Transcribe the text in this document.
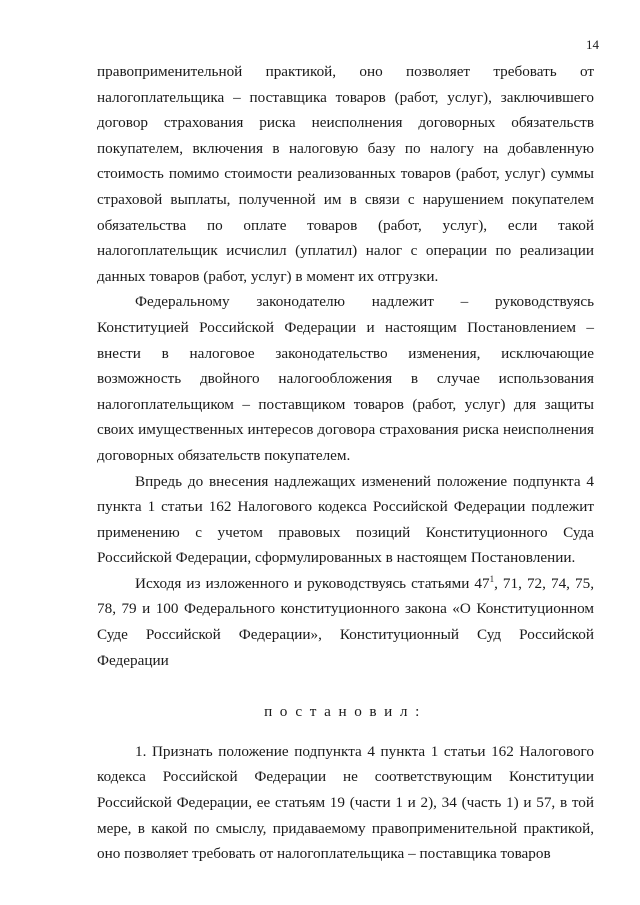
14

правоприменительной практикой, оно позволяет требовать от налогоплательщика – поставщика товаров (работ, услуг), заключившего договор страхования риска неисполнения договорных обязательств покупателем, включения в налоговую базу по налогу на добавленную стоимость помимо стоимости реализованных товаров (работ, услуг) суммы страховой выплаты, полученной им в связи с нарушением покупателем обязательства по оплате товаров (работ, услуг), если такой налогоплательщик исчислил (уплатил) налог с операции по реализации данных товаров (работ, услуг) в момент их отгрузки.

Федеральному законодателю надлежит – руководствуясь Конституцией Российской Федерации и настоящим Постановлением – внести в налоговое законодательство изменения, исключающие возможность двойного налогообложения в случае использования налогоплательщиком – поставщиком товаров (работ, услуг) для защиты своих имущественных интересов договора страхования риска неисполнения договорных обязательств покупателем.

Впредь до внесения надлежащих изменений положение подпункта 4 пункта 1 статьи 162 Налогового кодекса Российской Федерации подлежит применению с учетом правовых позиций Конституционного Суда Российской Федерации, сформулированных в настоящем Постановлении.

Исходя из изложенного и руководствуясь статьями $47^1$, 71, 72, 74, 75, 78, 79 и 100 Федерального конституционного закона «О Конституционном Суде Российской Федерации», Конституционный Суд Российской Федерации

постановил:

1. Признать положение подпункта 4 пункта 1 статьи 162 Налогового кодекса Российской Федерации не соответствующим Конституции Российской Федерации, ее статьям 19 (части 1 и 2), 34 (часть 1) и 57, в той мере, в какой по смыслу, придаваемому правоприменительной практикой, оно позволяет требовать от налогоплательщика – поставщика товаров
